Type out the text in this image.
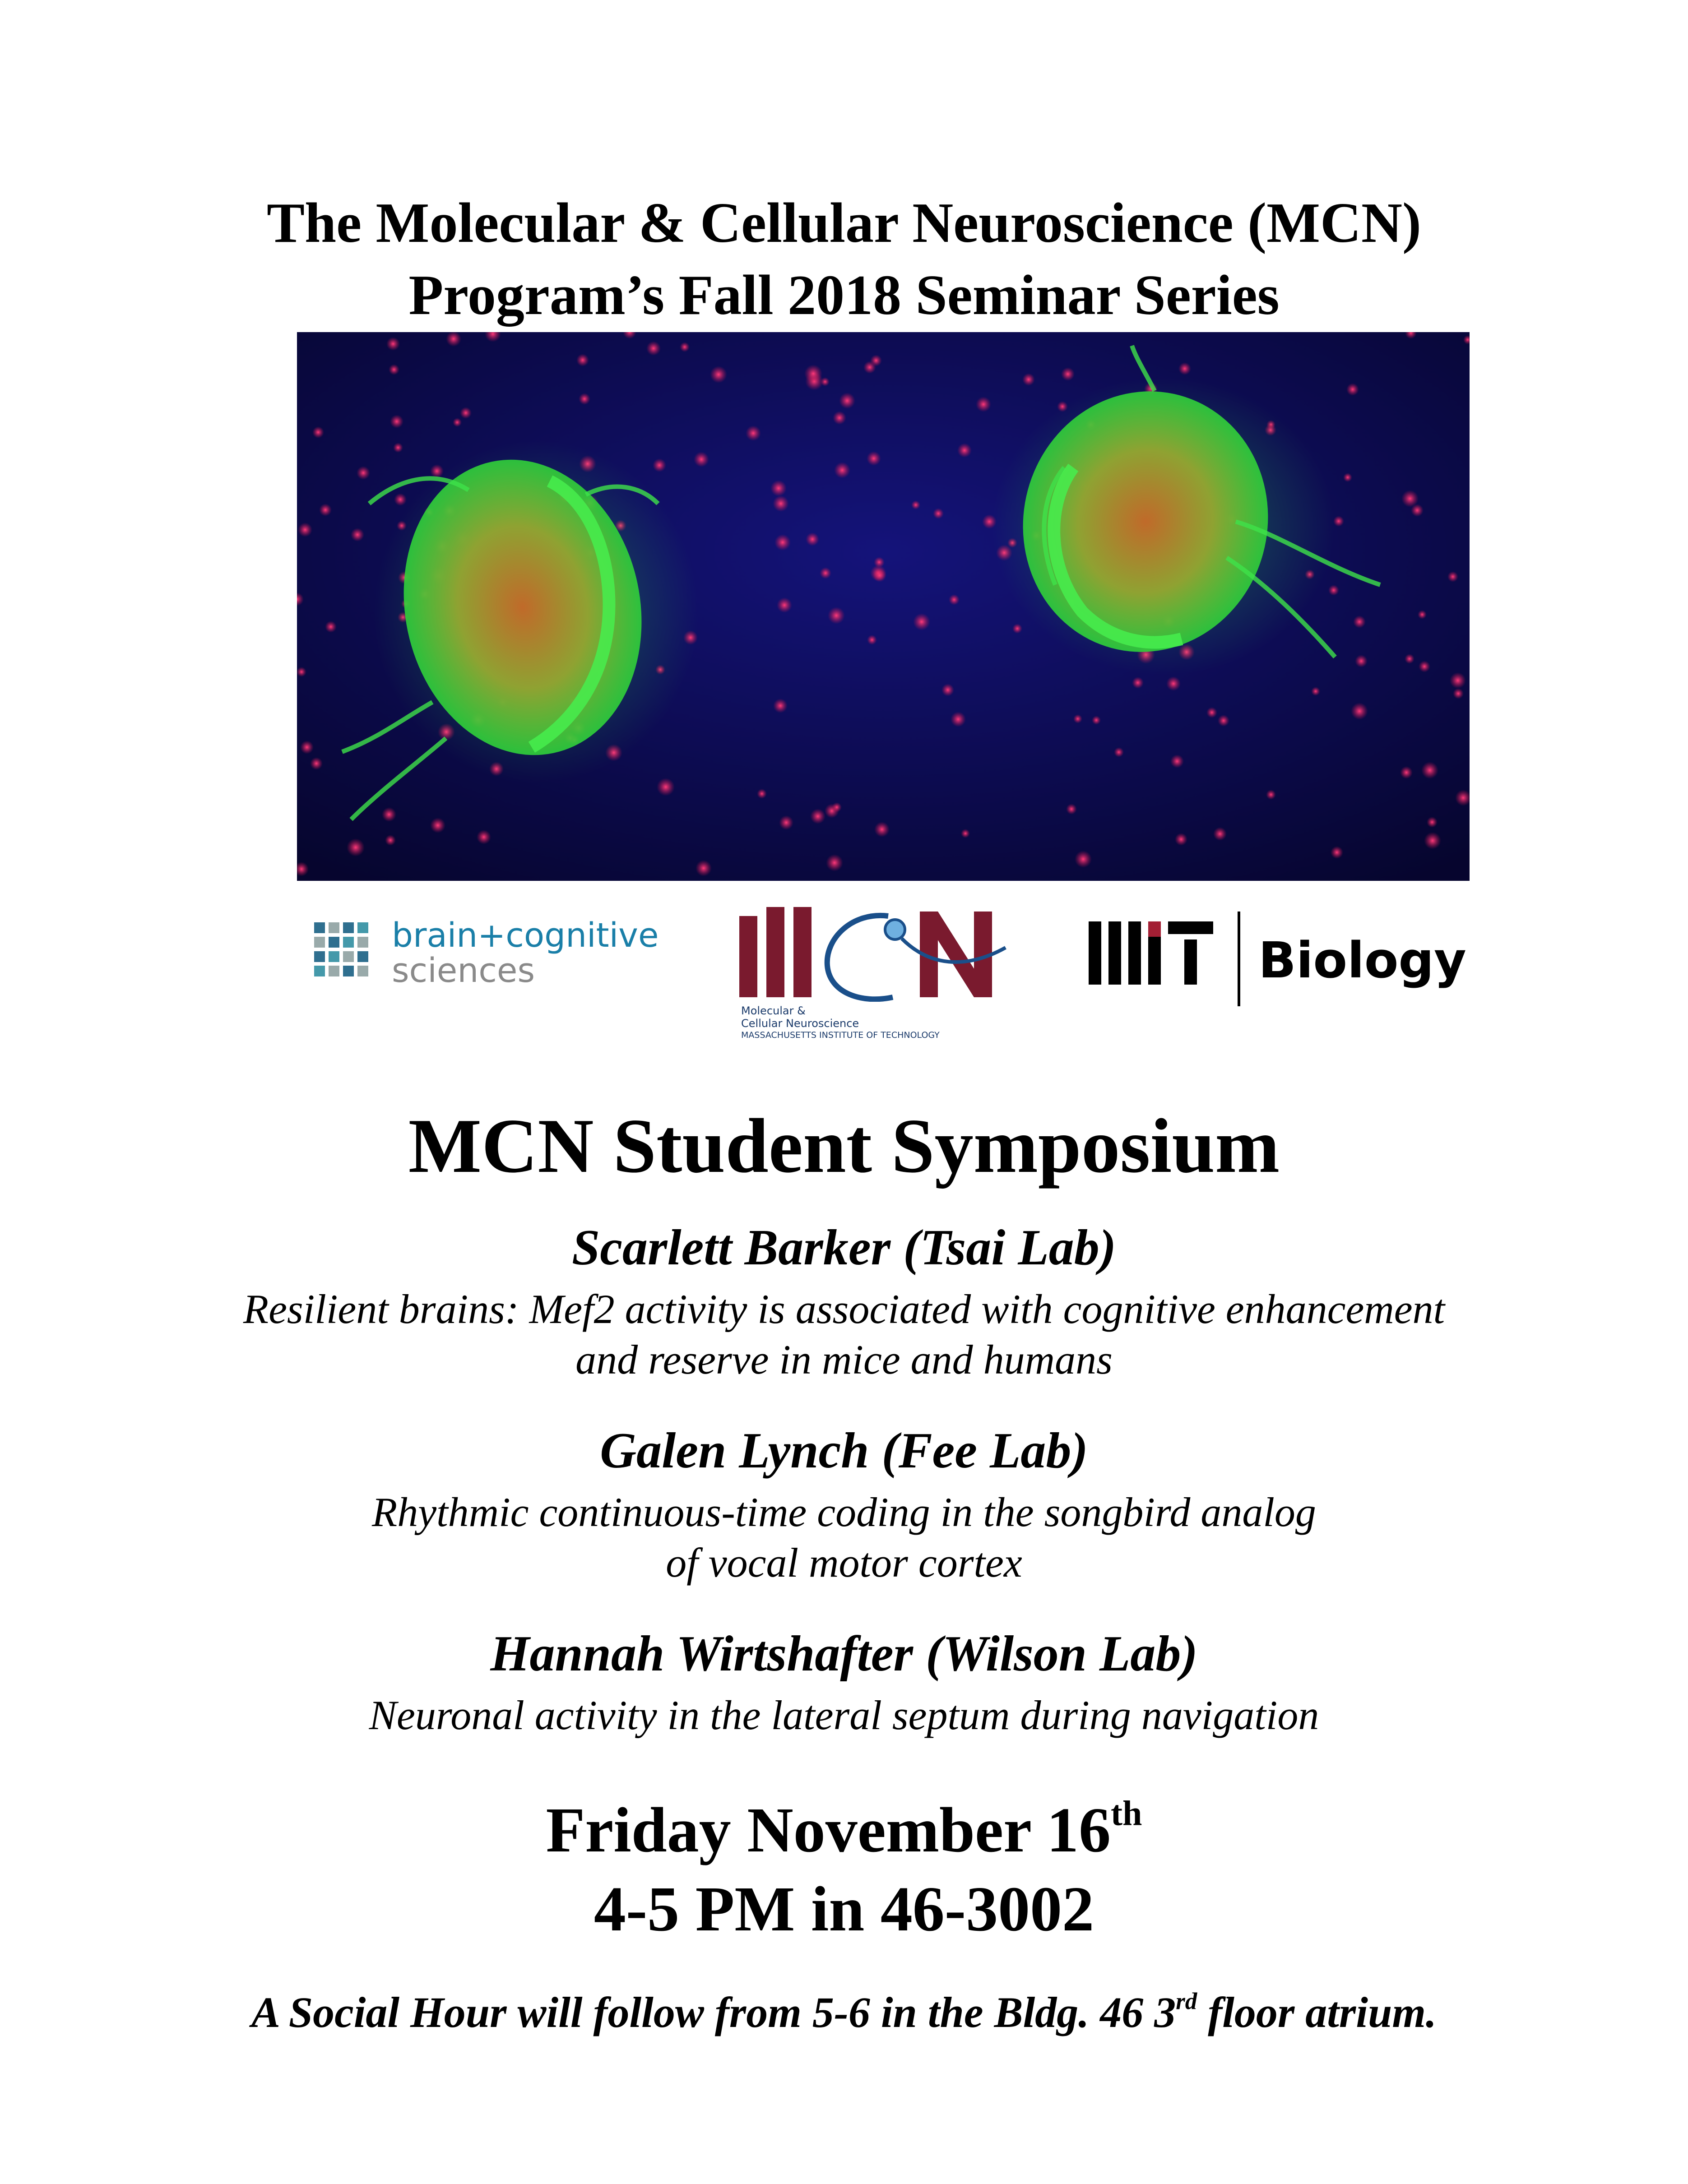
The Molecular & Cellular Neuroscience (MCN)
Program’s Fall 2018 Seminar Series
brain+cognitive
sciences
Molecular &
Cellular Neuroscience
MASSACHUSETTS INSTITUTE OF TECHNOLOGY
Biology
MCN Student Symposium
Scarlett Barker (Tsai Lab)
Resilient brains: Mef2 activity is associated with cognitive enhancement
and reserve in mice and humans
Galen Lynch (Fee Lab)
Rhythmic continuous-time coding in the songbird analog
of vocal motor cortex
Hannah Wirtshafter (Wilson Lab)
Neuronal activity in the lateral septum during navigation
Friday November 16th
4-5 PM in 46-3002
A Social Hour will follow from 5-6 in the Bldg. 46 3rd floor atrium.
